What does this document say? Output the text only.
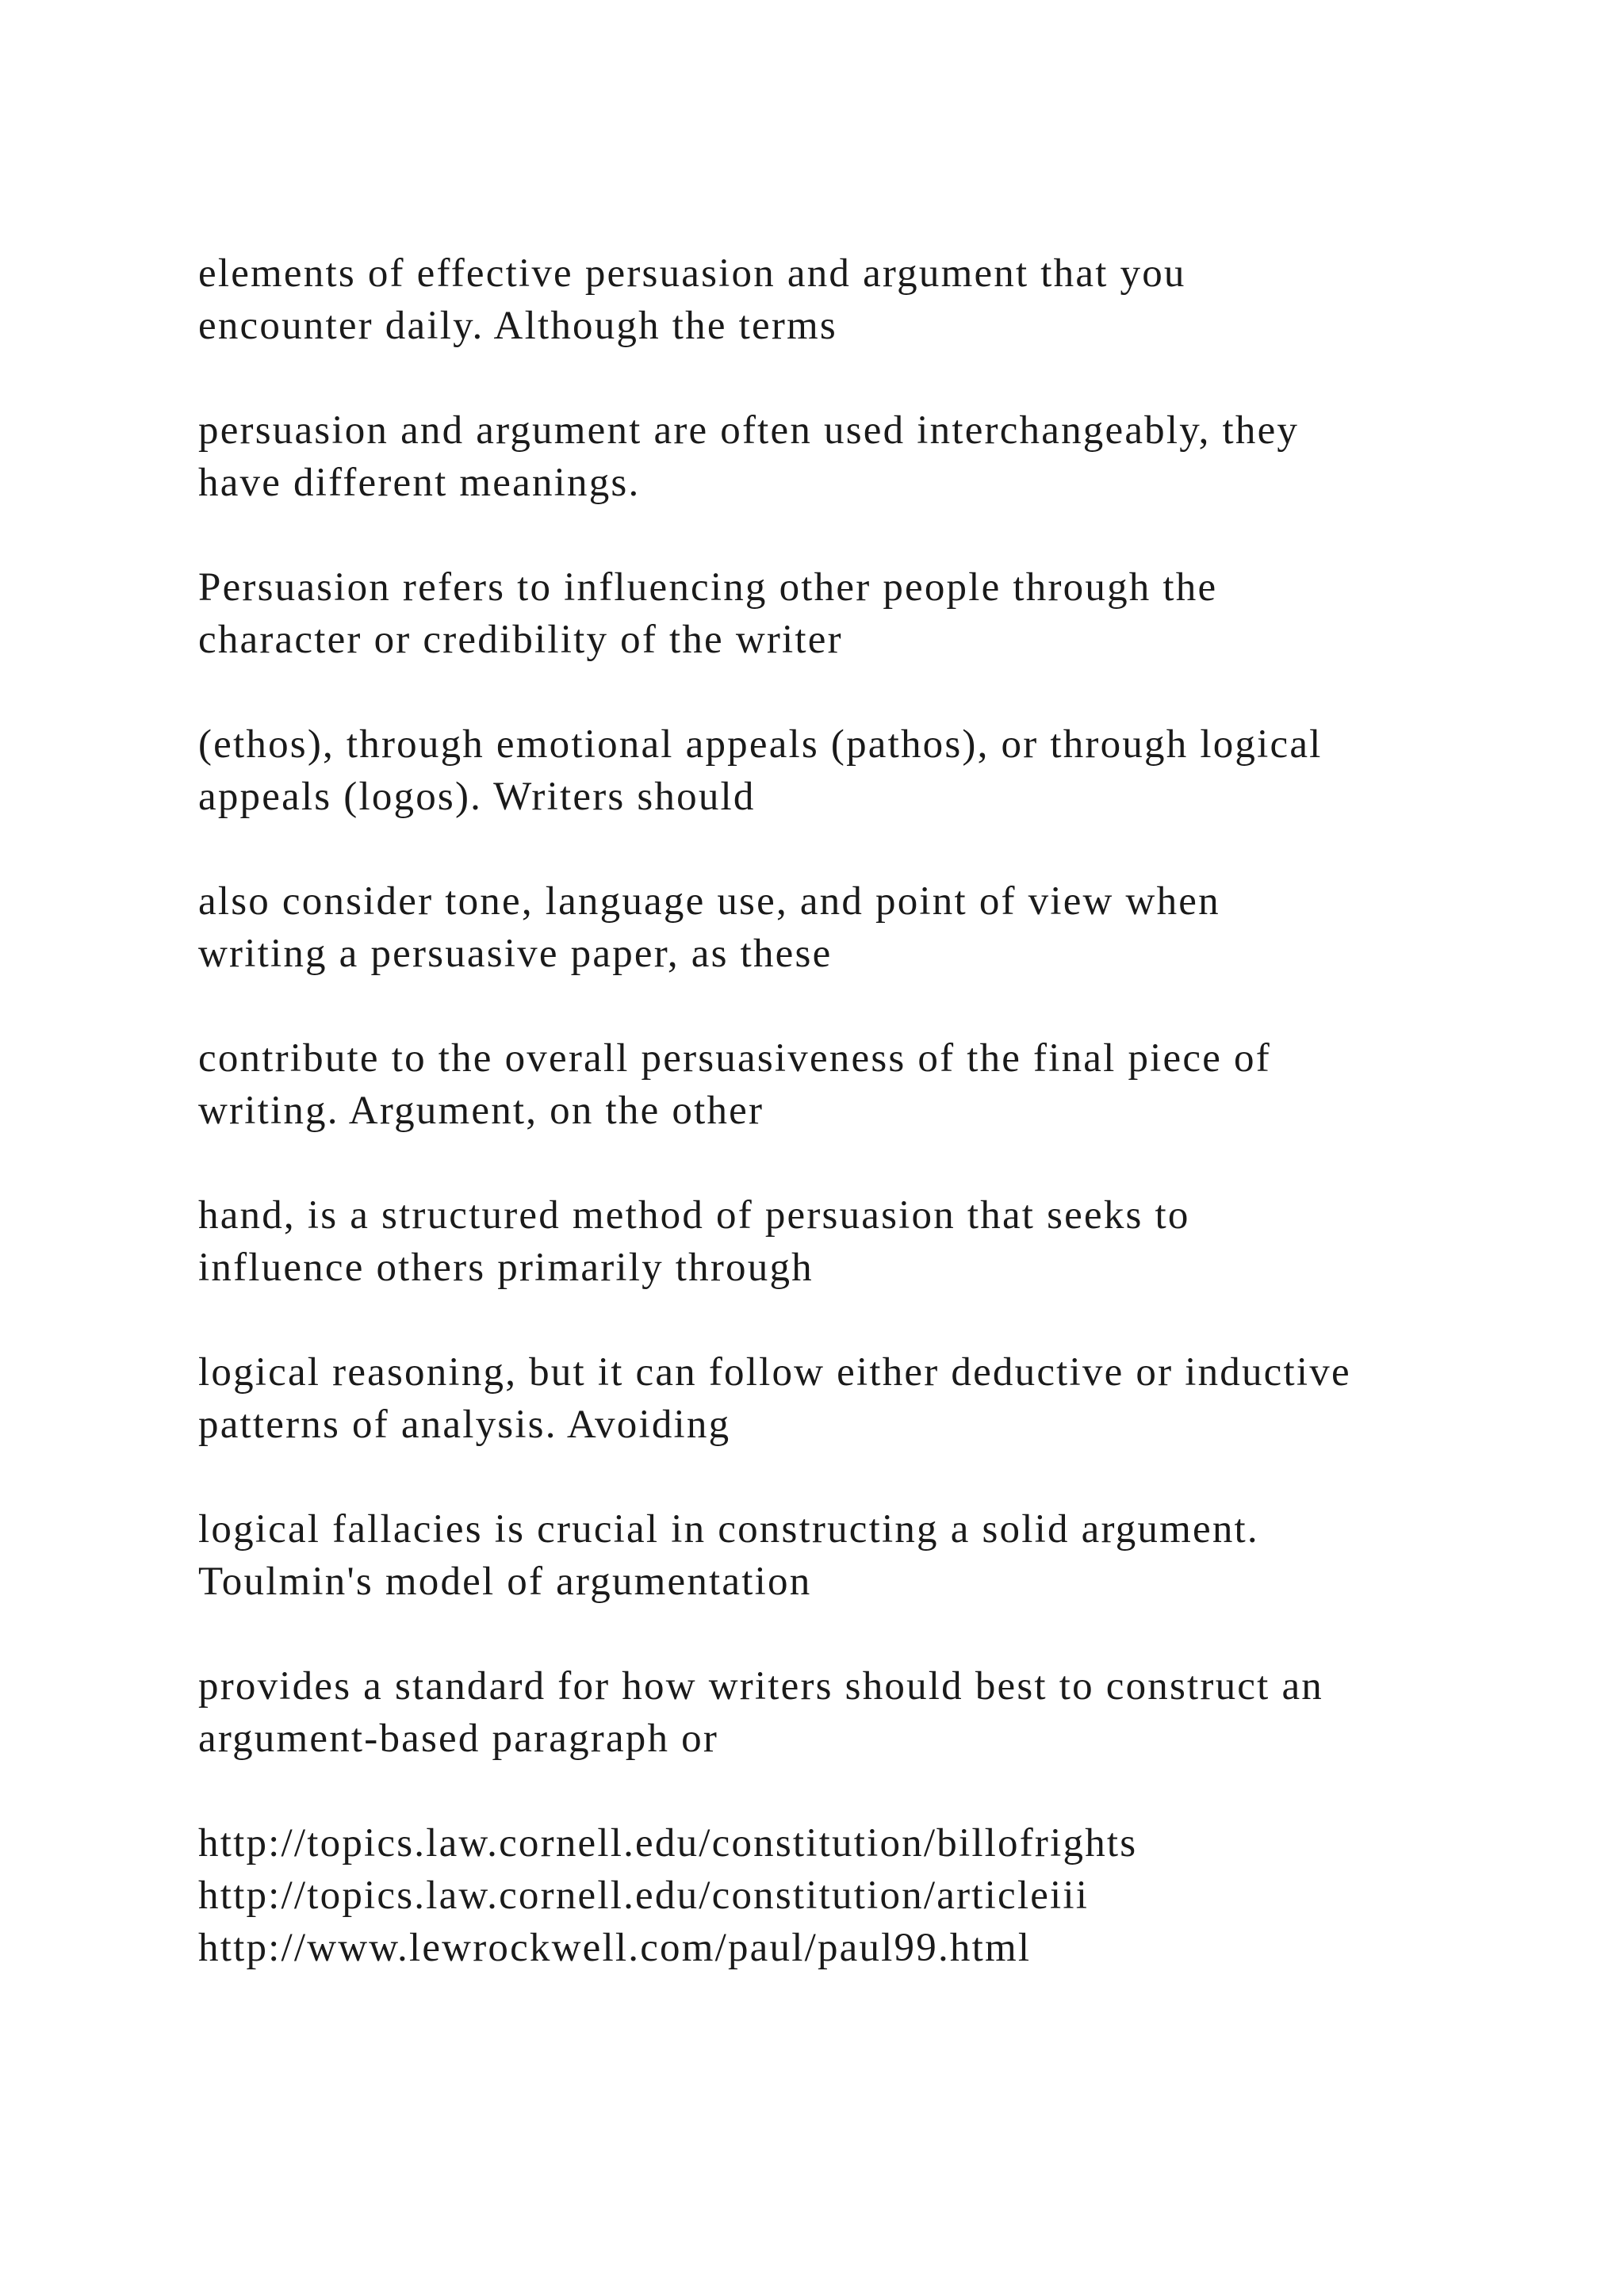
elements of effective persuasion and argument that you
encounter daily. Although the terms

persuasion and argument are often used interchangeably, they
have different meanings.

Persuasion refers to influencing other people through the
character or credibility of the writer

(ethos), through emotional appeals (pathos), or through logical
appeals (logos). Writers should

also consider tone, language use, and point of view when
writing a persuasive paper, as these

contribute to the overall persuasiveness of the final piece of
writing. Argument, on the other

hand, is a structured method of persuasion that seeks to
influence others primarily through

logical reasoning, but it can follow either deductive or inductive
patterns of analysis. Avoiding

logical fallacies is crucial in constructing a solid argument.
Toulmin's model of argumentation

provides a standard for how writers should best to construct an
argument-based paragraph or

http://topics.law.cornell.edu/constitution/billofrights
http://topics.law.cornell.edu/constitution/articleiii
http://www.lewrockwell.com/paul/paul99.html
